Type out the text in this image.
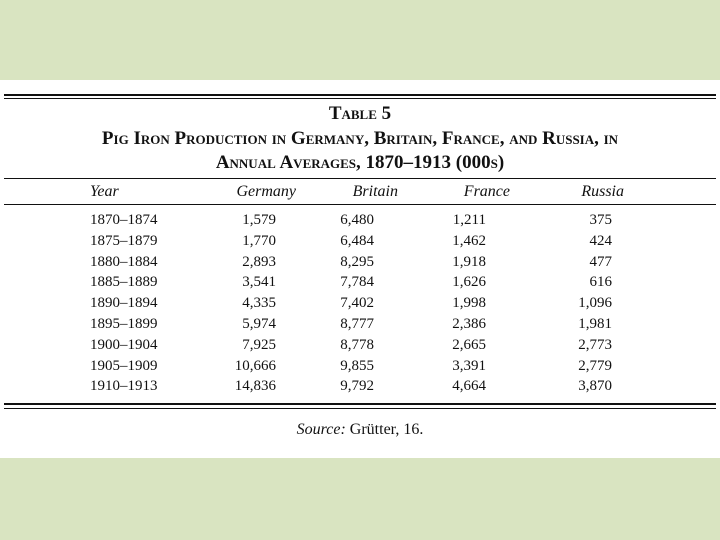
Table 5
Pig Iron Production in Germany, Britain, France, and Russia, in
Annual Averages, 1870–1913 (000s)
Year	Germany	Britain	France	Russia
1870–1874	1,579	6,480	1,211	375
1875–1879	1,770	6,484	1,462	424
1880–1884	2,893	8,295	1,918	477
1885–1889	3,541	7,784	1,626	616
1890–1894	4,335	7,402	1,998	1,096
1895–1899	5,974	8,777	2,386	1,981
1900–1904	7,925	8,778	2,665	2,773
1905–1909	10,666	9,855	3,391	2,779
1910–1913	14,836	9,792	4,664	3,870
Source: Grütter, 16.
